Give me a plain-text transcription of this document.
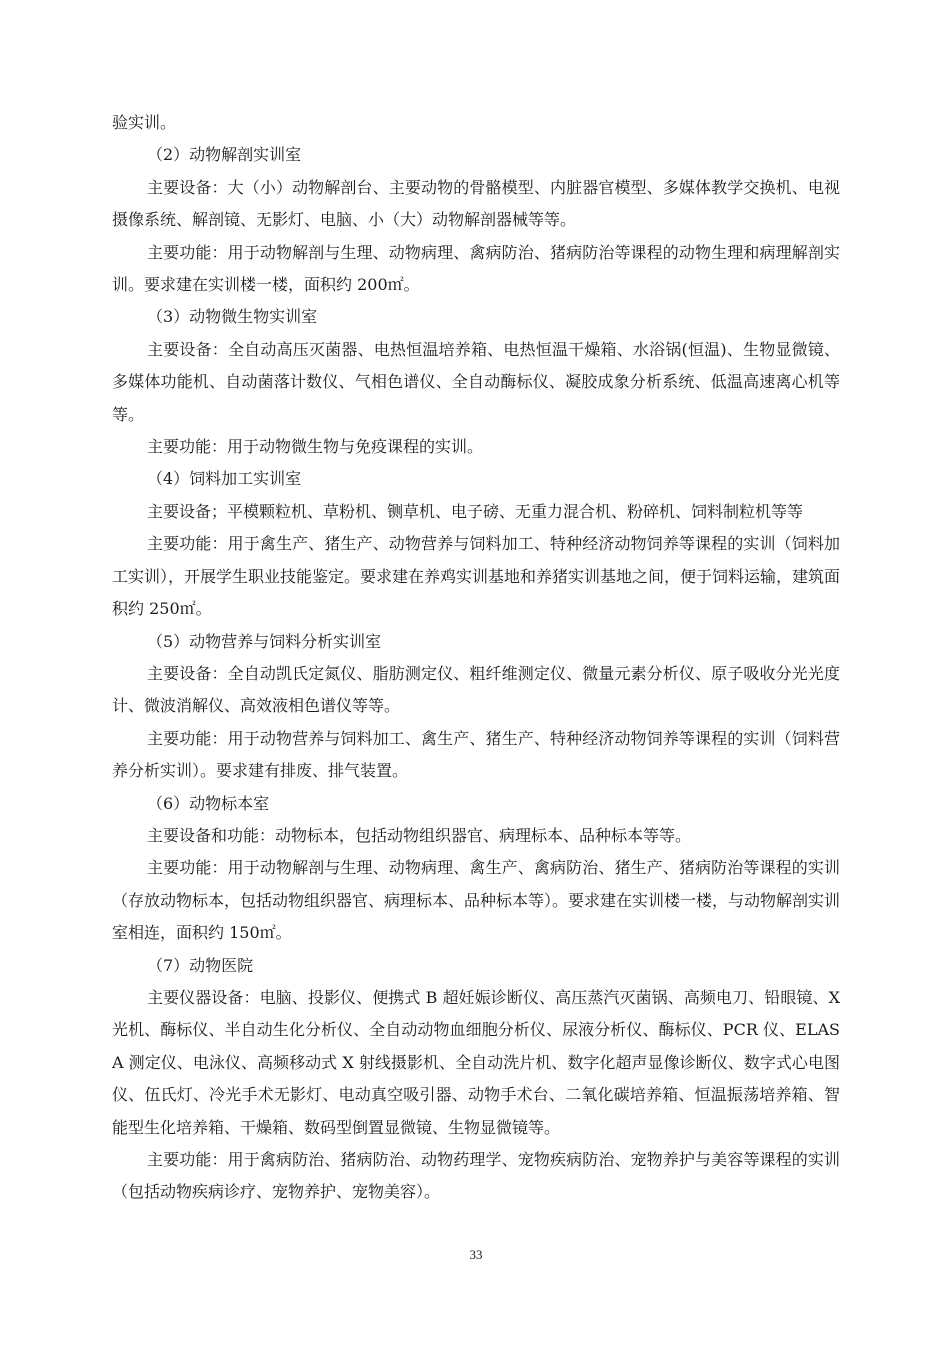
验实训。

（2）动物解剖实训室

主要设备：大（小）动物解剖台、主要动物的骨骼模型、内脏器官模型、多媒体教学交换机、电视摄像系统、解剖镜、无影灯、电脑、小（大）动物解剖器械等等。

主要功能：用于动物解剖与生理、动物病理、禽病防治、猪病防治等课程的动物生理和病理解剖实训。要求建在实训楼一楼，面积约 200㎡。

（3）动物微生物实训室

主要设备：全自动高压灭菌器、电热恒温培养箱、电热恒温干燥箱、水浴锅(恒温)、生物显微镜、多媒体功能机、自动菌落计数仪、气相色谱仪、全自动酶标仪、凝胶成象分析系统、低温高速离心机等等。

主要功能：用于动物微生物与免疫课程的实训。

（4）饲料加工实训室

主要设备；平模颗粒机、草粉机、铡草机、电子磅、无重力混合机、粉碎机、饲料制粒机等等

主要功能：用于禽生产、猪生产、动物营养与饲料加工、特种经济动物饲养等课程的实训（饲料加工实训），开展学生职业技能鉴定。要求建在养鸡实训基地和养猪实训基地之间，便于饲料运输，建筑面积约 250㎡。

（5）动物营养与饲料分析实训室

主要设备：全自动凯氏定氮仪、脂肪测定仪、粗纤维测定仪、微量元素分析仪、原子吸收分光光度计、微波消解仪、高效液相色谱仪等等。

主要功能：用于动物营养与饲料加工、禽生产、猪生产、特种经济动物饲养等课程的实训（饲料营养分析实训）。要求建有排废、排气装置。

（6）动物标本室

主要设备和功能：动物标本，包括动物组织器官、病理标本、品种标本等等。

主要功能：用于动物解剖与生理、动物病理、禽生产、禽病防治、猪生产、猪病防治等课程的实训（存放动物标本，包括动物组织器官、病理标本、品种标本等）。要求建在实训楼一楼，与动物解剖实训室相连，面积约 150㎡。

（7）动物医院

主要仪器设备：电脑、投影仪、便携式 B 超妊娠诊断仪、高压蒸汽灭菌锅、高频电刀、铅眼镜、X 光机、酶标仪、半自动生化分析仪、全自动动物血细胞分析仪、尿液分析仪、酶标仪、PCR 仪、ELASA 测定仪、电泳仪、高频移动式 X 射线摄影机、全自动洗片机、数字化超声显像诊断仪、数字式心电图仪、伍氏灯、冷光手术无影灯、电动真空吸引器、动物手术台、二氧化碳培养箱、恒温振荡培养箱、智能型生化培养箱、干燥箱、数码型倒置显微镜、生物显微镜等。

主要功能：用于禽病防治、猪病防治、动物药理学、宠物疾病防治、宠物养护与美容等课程的实训（包括动物疾病诊疗、宠物养护、宠物美容）。

33
